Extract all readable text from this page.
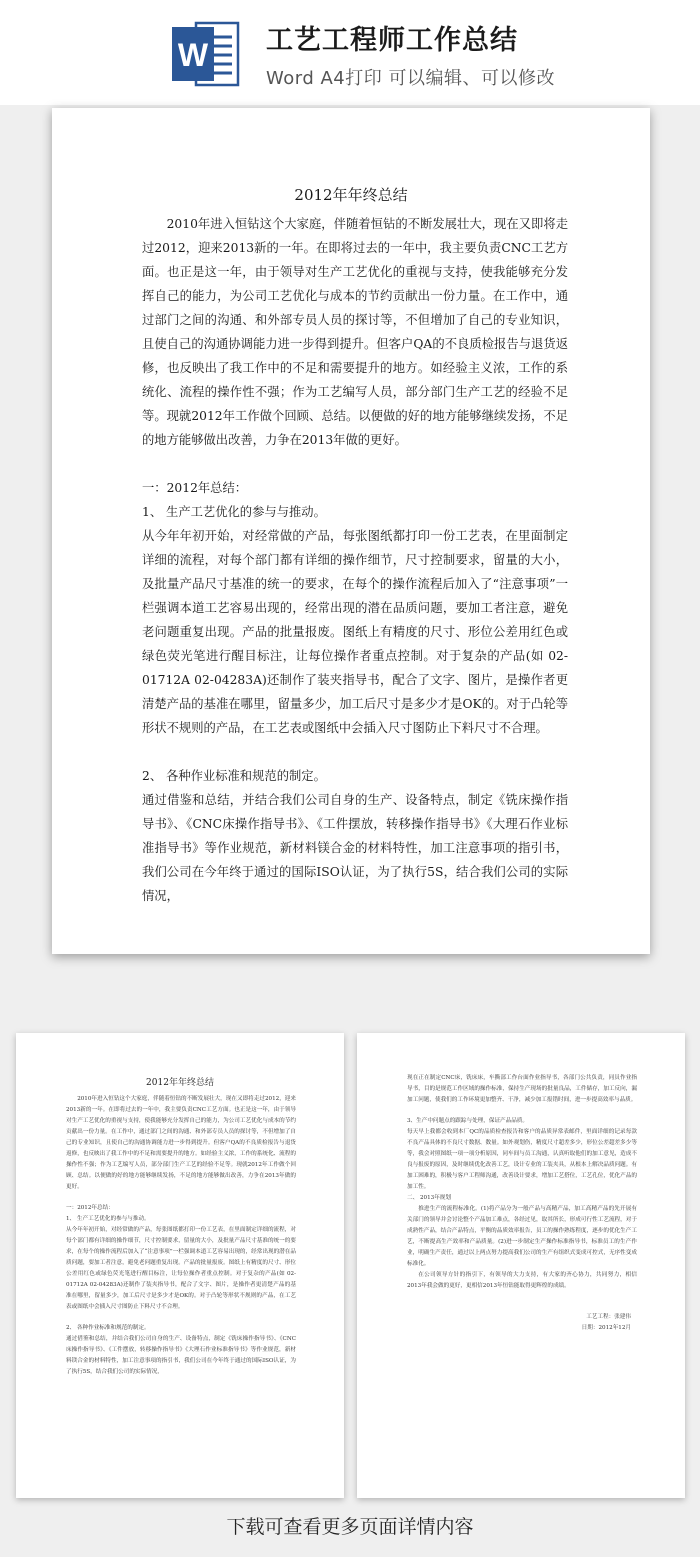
W 工艺工程师工作总结
Word A4打印 可以编辑、可以修改
2012年年终总结

2010年进入恒钻这个大家庭，伴随着恒钻的不断发展壮大，现在又即将走过2012，迎来2013新的一年。在即将过去的一年中，我主要负责CNC工艺方面。也正是这一年，由于领导对生产工艺优化的重视与支持，使我能够充分发挥自己的能力，为公司工艺优化与成本的节约贡献出一份力量。在工作中，通过部门之间的沟通、和外部专员人员的探讨等，不但增加了自己的专业知识，且使自己的沟通协调能力进一步得到提升。但客户QA的不良质检报告与退货返修，也反映出了我工作中的不足和需要提升的地方。如经验主义浓，工作的系统化、流程的操作性不强；作为工艺编写人员，部分部门生产工艺的经验不足等。现就2012年工作做个回顾、总结。以便做的好的地方能够继续发扬，不足的地方能够做出改善，力争在2013年做的更好。

一：2012年总结：

1、 生产工艺优化的参与与推动。

从今年年初开始，对经常做的产品，每张图纸都打印一份工艺表，在里面制定详细的流程，对每个部门都有详细的操作细节，尺寸控制要求，留量的大小，及批量产品尺寸基准的统一的要求，在每个的操作流程后加入了“注意事项”一栏强调本道工艺容易出现的，经常出现的潜在品质问题，要加工者注意，避免老问题重复出现。产品的批量报废。图纸上有精度的尺寸、形位公差用红色或绿色荧光笔进行醒目标注，让每位操作者重点控制。对于复杂的产品(如 02-01712A 02-04283A)还制作了装夹指导书，配合了文字、图片，是操作者更清楚产品的基准在哪里，留量多少，加工后尺寸是多少才是OK的。对于凸轮等形状不规则的产品，在工艺表或图纸中会插入尺寸图防止下料尺寸不合理。

2、 各种作业标准和规范的制定。

通过借鉴和总结，并结合我们公司自身的生产、设备特点，制定《铣床操作指导书》、《CNC床操作指导书》、《工件摆放，转移操作指导书》《大理石作业标准指导书》等作业规范，新材料镁合金的材料特性，加工注意事项的指引书，我们公司在今年终于通过的国际ISO认证，为了执行5S，结合我们公司的实际情况，

2012年年终总结

2010年进入恒钻这个大家庭，伴随着恒钻的不断发展壮大，现在又即将走过2012，迎来2013新的一年。在即将过去的一年中，我主要负责CNC工艺方面。也正是这一年，由于领导对生产工艺优化的重视与支持，使我能够充分发挥自己的能力，为公司工艺优化与成本的节约贡献出一份力量。在工作中，通过部门之间的沟通、和外部专员人员的探讨等，不但增加了自己的专业知识，且使自己的沟通协调能力进一步得到提升。但客户QA的不良质检报告与退货返修，也反映出了我工作中的不足和需要提升的地方。如经验主义浓，工作的系统化、流程的操作性不强；作为工艺编写人员，部分部门生产工艺的经验不足等。现就2012年工作做个回顾、总结。以便做的好的地方能够继续发扬，不足的地方能够做出改善，力争在2013年做的更好。

一：2012年总结：

1、 生产工艺优化的参与与推动。

从今年年初开始，对经常做的产品，每张图纸都打印一份工艺表，在里面制定详细的流程，对每个部门都有详细的操作细节，尺寸控制要求，留量的大小，及批量产品尺寸基准的统一的要求，在每个的操作流程后加入了“注意事项”一栏强调本道工艺容易出现的，经常出现的潜在品质问题，要加工者注意，避免老问题重复出现。产品的批量报废。图纸上有精度的尺寸、形位公差用红色或绿色荧光笔进行醒目标注，让每位操作者重点控制。对于复杂的产品(如 02-01712A 02-04283A)还制作了装夹指导书，配合了文字、图片，是操作者更清楚产品的基准在哪里，留量多少，加工后尺寸是多少才是OK的。对于凸轮等形状不规则的产品，在工艺表或图纸中会插入尺寸图防止下料尺寸不合理。

2、 各种作业标准和规范的制定。

通过借鉴和总结，并结合我们公司自身的生产、设备特点，制定《铣床操作指导书》、《CNC床操作指导书》、《工件摆放，转移操作指导书》《大理石作业标准指导书》等作业规范，新材料镁合金的材料特性，加工注意事项的指引书，我们公司在今年终于通过的国际ISO认证，为了执行5S，结合我们公司的实际情况，

现在正在制定CNC床，铣床床，车撕部工作台面作业指导书，各部门公共负责，同员作业指导书，目的是规范工作区域的操作标准，保持生产现场的批量良品，工件储存，加工反向，漏加工问题，使我们的工作环境更加整齐、干净，减少加工报错时间，进一步提高效率与品质。

3、生产中问题点的跟踪与处理，保证产品品质。

每天早上我都会收到本厂QC的品质检查报告和客户的品质异常表邮件，里面详细的记录每款不良产品具体的不良尺寸数据、数量。如外观划伤，精度尺寸超差多少，形位公差超差多少等等，我会对照图纸一项一项分析原因，同车间与员工沟通，认真听取他们的加工意见，造成不良与报废的原因，及时继续优化改善工艺，设计专业的工装夹具，从根本上解决品质问题。有加工困难的，积极与客户工程师沟通，改善设计要求，增加工艺搭位，工艺孔位，优化产品的加工性。

二、 2013年规划

推进生产的流程标准化。(1)将产品分为一般产品与高精产品，加工高精产品的先开展有关部门的领导并会讨论整个产品加工难点，各经过见，取其所长，形成可行性工艺流程，对于成熟性产品，结合产品特点，平衡的品质效率报告，员工的操作熟练程度，逐步的优化生产工艺，不断提高生产效率和产品质量。(2)进一步制定生产操作标准指导书，标准员工的生产作业，明确生产责任，通过以上两点努力提高我们公司的生产有组织式变成可控式，无序性变成标准化。

在公司领导方针的指引下，有领导的大力支持，有大家的齐心协力，共同努力，相信2013年我会做的更好，更相信2013年恒钻能取得更辉煌的成绩。

工艺工程：张建伟

日期：2012年12月

下载可查看更多页面详情内容
